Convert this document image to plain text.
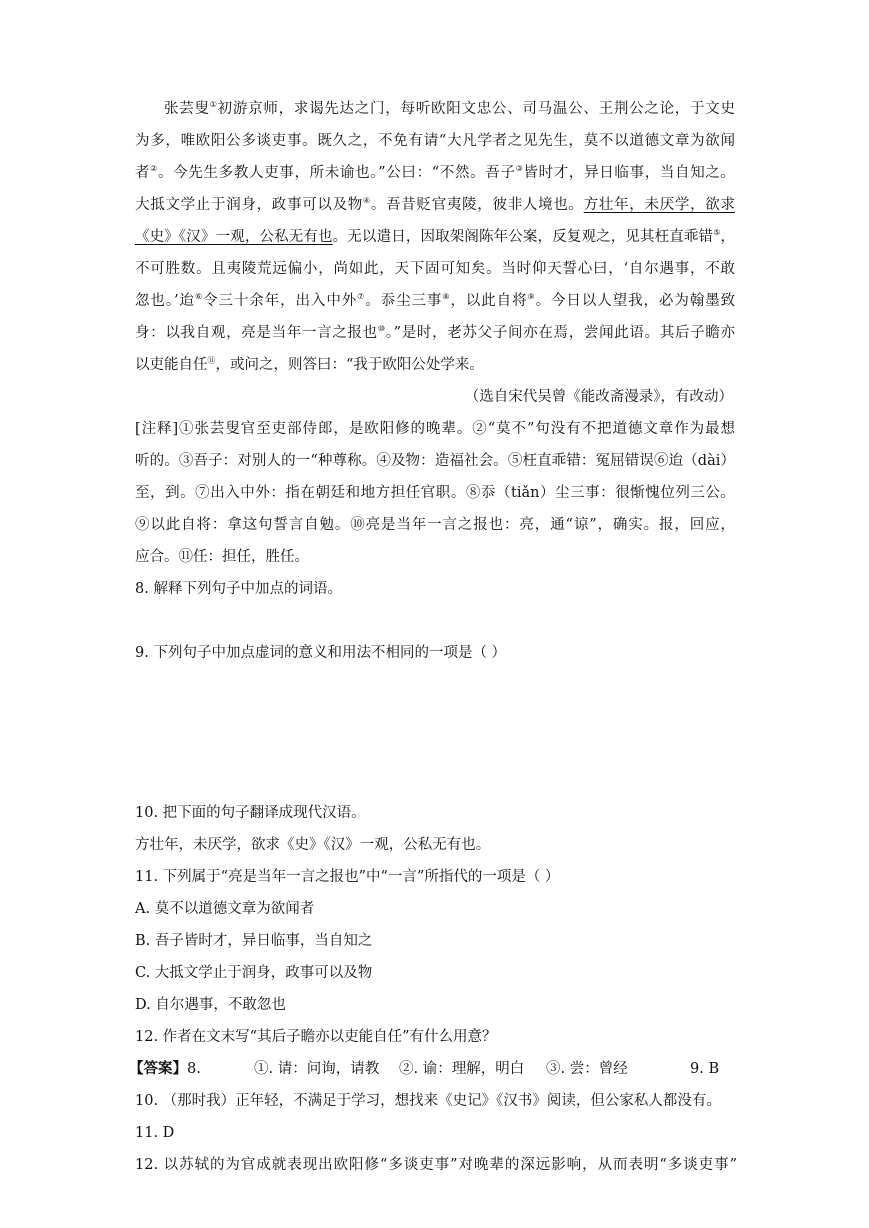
张芸叟①初游京师，求谒先达之门，每听欧阳文忠公、司马温公、王荆公之论，于文史
为多，唯欧阳公多谈吏事。既久之，不免有请“大凡学者之见先生，莫不以道德文章为欲闻
者②。今先生多教人吏事，所未谕也。”公曰：“不然。吾子③皆时才，异日临事，当自知之。
大抵文学止于润身，政事可以及物④。吾昔贬官夷陵，彼非人境也。方壮年，未厌学，欲求
《史》《汉》一观，公私无有也。无以遣日，因取架阁陈年公案，反复观之，见其枉直乖错⑤，
不可胜数。且夷陵荒远偏小，尚如此，天下固可知矣。当时仰天誓心曰，‘自尔遇事，不敢
忽也。’迨⑥令三十余年，出入中外⑦。忝尘三事⑧，以此自将⑨。今日以人望我，必为翰墨致
身：以我自观，亮是当年一言之报也⑩。”是时，老苏父子间亦在焉，尝闻此语。其后子瞻亦
以吏能自任⑪，或问之，则答曰：“我于欧阳公处学来。
（选自宋代吴曾《能改斋漫录》，有改动）
[注释]①张芸叟官至吏部侍郎，是欧阳修的晚辈。②“莫不”句没有不把道德文章作为最想
听的。③吾子：对别人的一“种尊称。④及物：造福社会。⑤枉直乖错：冤屈错误⑥迨（dài）
至，到。⑦出入中外：指在朝廷和地方担任官职。⑧忝（tiǎn）尘三事：很惭愧位列三公。
⑨以此自将：拿这句誓言自勉。⑩亮是当年一言之报也：亮，通“谅”，确实。报，回应，
应合。⑪任：担任，胜任。
8. 解释下列句子中加点的词语。
9. 下列句子中加点虚词的意义和用法不相同的一项是（ ）
10. 把下面的句子翻译成现代汉语。
方壮年，未厌学，欲求《史》《汉》一观，公私无有也。
11. 下列属于“亮是当年一言之报也”中“一言”所指代的一项是（ ）
A. 莫不以道德文章为欲闻者
B. 吾子皆时才，异日临事，当自知之
C. 大抵文学止于润身，政事可以及物
D. 自尔遇事，不敢忽也
12. 作者在文末写“其后子瞻亦以吏能自任”有什么用意？
【答案】8.	①. 请：问询，请教 ②. 谕：理解，明白 ③. 尝：曾经	9. B
10. （那时我）正年轻，不满足于学习，想找来《史记》《汉书》阅读，但公家私人都没有。
11. D
12. 以苏轼的为官成就表现出欧阳修“多谈吏事”对晚辈的深远影响，从而表明“多谈吏事”
